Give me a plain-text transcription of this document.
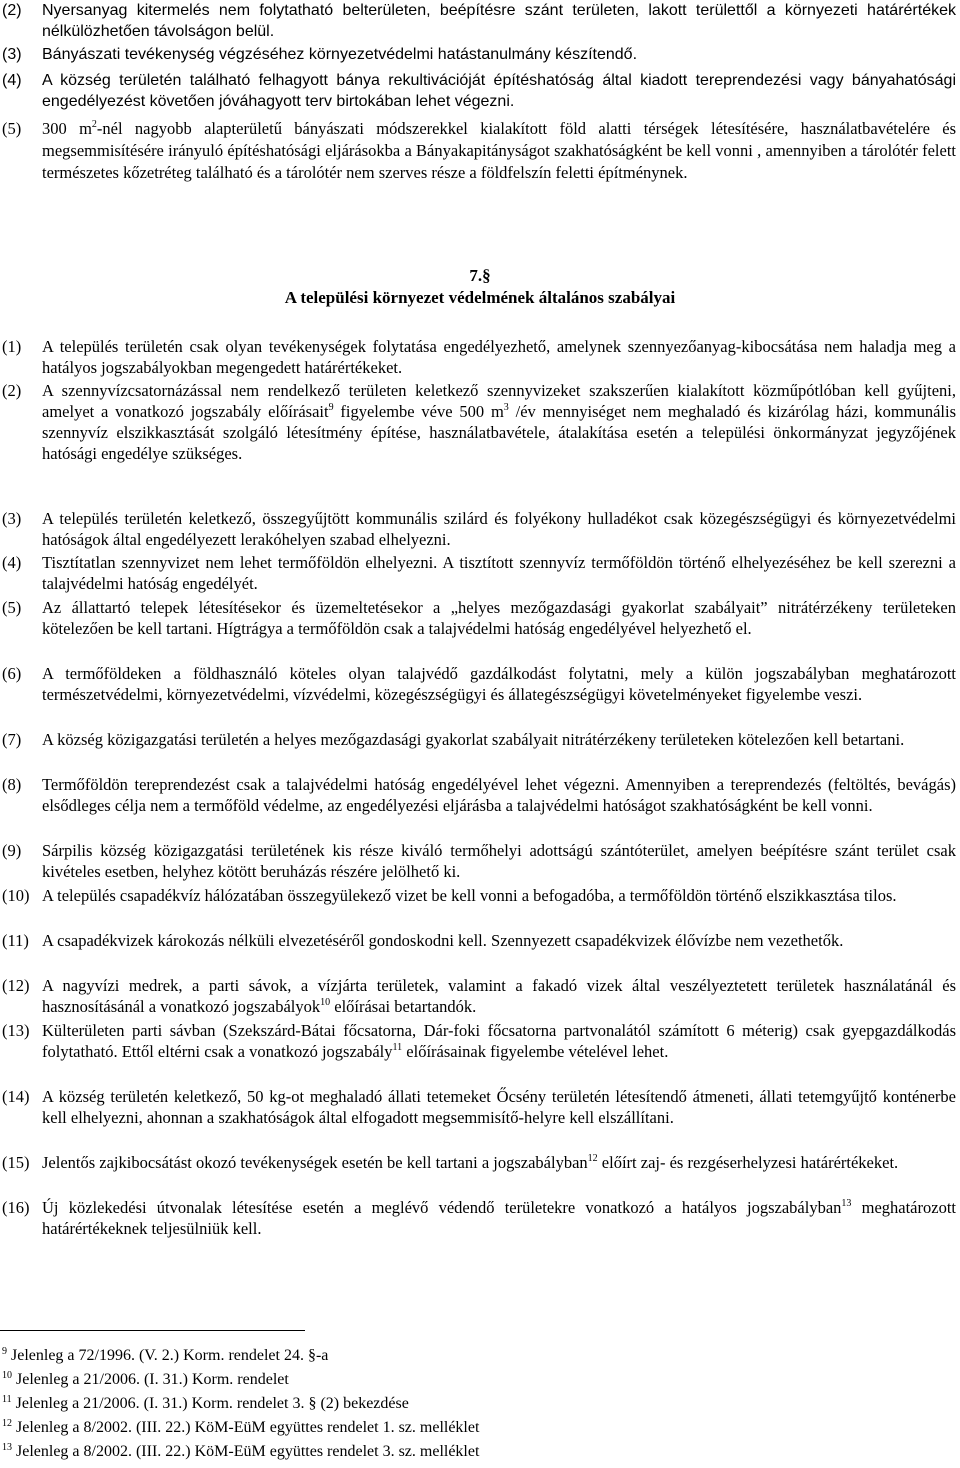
(2) Nyersanyag kitermelés nem folytatható belterületen, beépítésre szánt területen, lakott területtől a környezeti határértékek nélkülözhetően távolságon belül.
(3) Bányászati tevékenység végzéséhez környezetvédelmi hatástanulmány készítendő.
(4) A község területén található felhagyott bánya rekultivációját építéshatóság által kiadott tereprendezési vagy bányahatósági engedélyezést követően jóváhagyott terv birtokában lehet végezni.
(5) 300 $m^2$-nél nagyobb alapterületű bányászati módszerekkel kialakított föld alatti térségek létesítésére, használatbavételére és megsemmisítésére irányuló építéshatósági eljárásokba a Bányakapitányságot szakhatóságként be kell vonni , amennyiben a tárolótér felett természetes kőzetréteg található és a tárolótér nem szerves része a földfelszín feletti építménynek.
7.§
A települési környezet védelmének általános szabályai
(1) A település területén csak olyan tevékenységek folytatása engedélyezhető, amelynek szennyezőanyag-kibocsátása nem haladja meg a hatályos jogszabályokban megengedett határértékeket.
(2) A szennyvízcsatornázással nem rendelkező területen keletkező szennyvizeket szakszerűen kialakított közműpótlóban kell gyűjteni, amelyet a vonatkozó jogszabály előírásait$^9$ figyelembe véve 500 $m^3$ /év mennyiséget nem meghaladó és kizárólag házi, kommunális szennyvíz elszikkasztását szolgáló létesítmény építése, használatbavétele, átalakítása esetén a települési önkormányzat jegyzőjének hatósági engedélye szükséges.
(3) A település területén keletkező, összegyűjtött kommunális szilárd és folyékony hulladékot csak közegészségügyi és környezetvédelmi hatóságok által engedélyezett lerakóhelyen szabad elhelyezni.
(4) Tisztítatlan szennyvizet nem lehet termőföldön elhelyezni. A tisztított szennyvíz termőföldön történő elhelyezéséhez be kell szerezni a talajvédelmi hatóság engedélyét.
(5) Az állattartó telepek létesítésekor és üzemeltetésekor a „helyes mezőgazdasági gyakorlat szabályait” nitrátérzékeny területeken kötelezően be kell tartani. Hígtrágya a termőföldön csak a talajvédelmi hatóság engedélyével helyezhető el.
(6) A termőföldeken a földhasználó köteles olyan talajvédő gazdálkodást folytatni, mely a külön jogszabályban meghatározott természetvédelmi, környezetvédelmi, vízvédelmi, közegészségügyi és állategészségügyi követelményeket figyelembe veszi.
(7) A község közigazgatási területén a helyes mezőgazdasági gyakorlat szabályait nitrátérzékeny területeken kötelezően kell betartani.
(8) Termőföldön tereprendezést csak a talajvédelmi hatóság engedélyével lehet végezni. Amennyiben a tereprendezés (feltöltés, bevágás) elsődleges célja nem a termőföld védelme, az engedélyezési eljárásba a talajvédelmi hatóságot szakhatóságként be kell vonni.
(9) Sárpilis község közigazgatási területének kis része kiváló termőhelyi adottságú szántóterület, amelyen beépítésre szánt terület csak kivételes esetben, helyhez kötött beruházás részére jelölhető ki.
(10) A település csapadékvíz hálózatában összegyülekező vizet be kell vonni a befogadóba, a termőföldön történő elszikkasztása tilos.
(11) A csapadékvizek károkozás nélküli elvezetéséről gondoskodni kell. Szennyezett csapadékvizek élővízbe nem vezethetők.
(12) A nagyvízi medrek, a parti sávok, a vízjárta területek, valamint a fakadó vizek által veszélyeztetett területek használatánál és hasznosításánál a vonatkozó jogszabályok$^{10}$ előírásai betartandók.
(13) Külterületen parti sávban (Szekszárd-Bátai főcsatorna, Dár-foki főcsatorna partvonalától számított 6 méterig) csak gyepgazdálkodás folytatható. Ettől eltérni csak a vonatkozó jogszabály$^{11}$ előírásainak figyelembe vételével lehet.
(14) A község területén keletkező, 50 kg-ot meghaladó állati tetemeket Őcsény területén létesítendő átmeneti, állati tetemgyűjtő konténerbe kell elhelyezni, ahonnan a szakhatóságok által elfogadott megsemmisítő-helyre kell elszállítani.
(15) Jelentős zajkibocsátást okozó tevékenységek esetén be kell tartani a jogszabályban$^{12}$ előírt zaj- és rezgéserhelyzesi határértékeket.
(16) Új közlekedési útvonalak létesítése esetén a meglévő védendő területekre vonatkozó a hatályos jogszabályban$^{13}$ meghatározott határértékeknek teljesülniük kell.
$^9$ Jelenleg a 72/1996. (V. 2.) Korm. rendelet 24. §-a
$^{10}$ Jelenleg a 21/2006. (I. 31.) Korm. rendelet
$^{11}$ Jelenleg a 21/2006. (I. 31.) Korm. rendelet 3. § (2) bekezdése
$^{12}$ Jelenleg a 8/2002. (III. 22.) KöM-EüM együttes rendelet 1. sz. melléklet
$^{13}$ Jelenleg a 8/2002. (III. 22.) KöM-EüM együttes rendelet 3. sz. melléklet
